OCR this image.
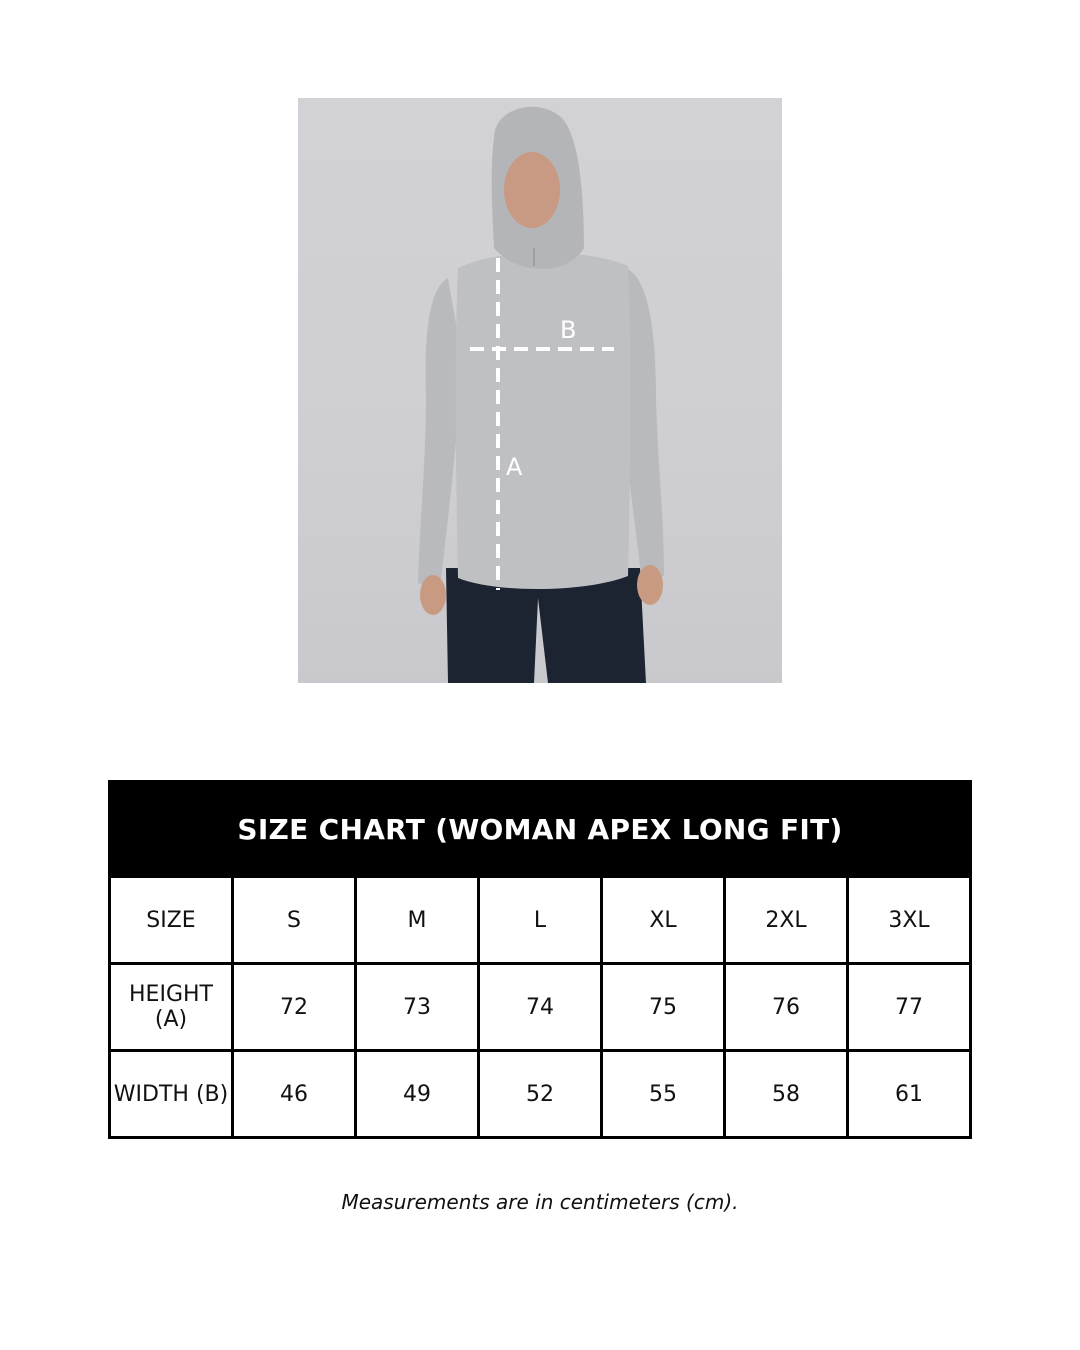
B
A
SIZE CHART (WOMAN APEX LONG FIT)						
SIZE	S	M	L	XL	2XL	3XL
HEIGHT (A)	72	73	74	75	76	77
WIDTH (B)	46	49	52	55	58	61
Measurements are in centimeters (cm).
